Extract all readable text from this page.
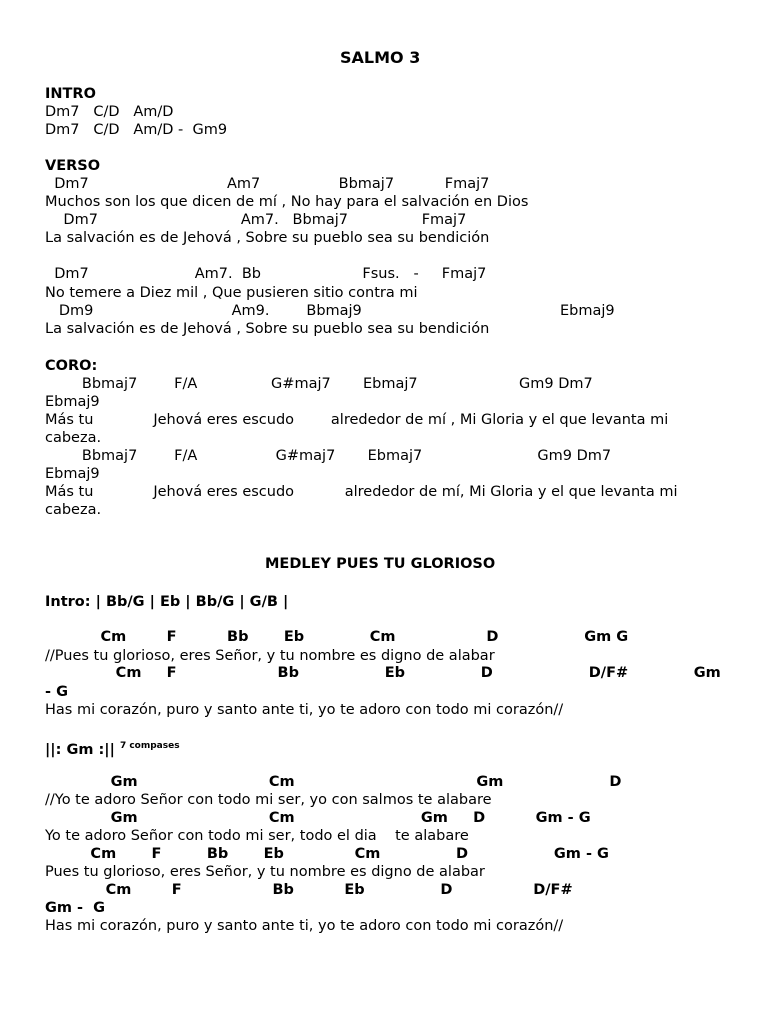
SALMO 3
INTRO
Dm7   C/D   Am/D
Dm7   C/D   Am/D -  Gm9
VERSO
Dm7                              Am7                 Bbmaj7           Fmaj7
Muchos son los que dicen de mí , No hay para el salvación en Dios
Dm7                               Am7.   Bbmaj7                Fmaj7
La salvación es de Jehová , Sobre su pueblo sea su bendición
Dm7                       Am7.  Bb                      Fsus.   -     Fmaj7
No temere a Diez mil , Que pusieren sitio contra mi
Dm9                              Am9.        Bbmaj9                                           Ebmaj9
La salvación es de Jehová , Sobre su pueblo sea su bendición
CORO:
Bbmaj7        F/A                G#maj7       Ebmaj7                      Gm9 Dm7
Ebmaj9
Más tu             Jehová eres escudo        alrededor de mí , Mi Gloria y el que levanta mi
cabeza.
Bbmaj7        F/A                 G#maj7       Ebmaj7                         Gm9 Dm7
Ebmaj9
Más tu             Jehová eres escudo           alrededor de mí, Mi Gloria y el que levanta mi
cabeza.
MEDLEY PUES TU GLORIOSO
Intro: | Bb/G | Eb | Bb/G | G/B |
Cm        F          Bb       Eb             Cm                  D                 Gm G
//Pues tu glorioso, eres Señor, y tu nombre es digno de alabar
Cm     F                    Bb                 Eb               D                   D/F#             Gm
- G
Has mi corazón, puro y santo ante ti, yo te adoro con todo mi corazón//
||: Gm :|| $^{7 compases}$
Gm                          Cm                                    Gm                     D
//Yo te adoro Señor con todo mi ser, yo con salmos te alabare
Gm                          Cm                         Gm     D          Gm - G
Yo te adoro Señor con todo mi ser, todo el dia    te alabare
Cm       F         Bb       Eb              Cm               D                 Gm - G
Pues tu glorioso, eres Señor, y tu nombre es digno de alabar
Cm        F                  Bb          Eb               D                D/F#
Gm -  G
Has mi corazón, puro y santo ante ti, yo te adoro con todo mi corazón//
